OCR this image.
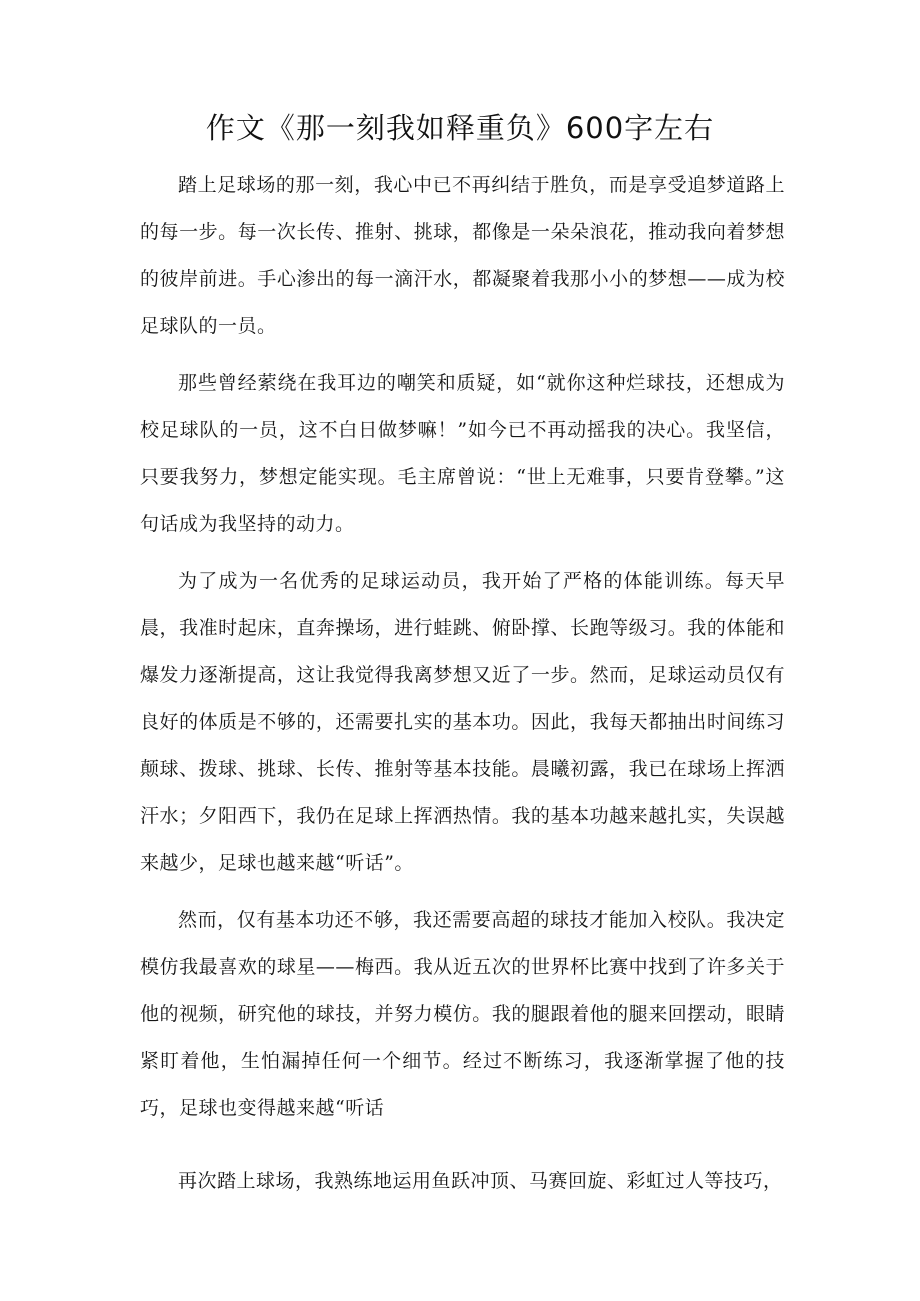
作文《那一刻我如释重负》600字左右

踏上足球场的那一刻，我心中已不再纠结于胜负，而是享受追梦道路上的每一步。每一次长传、推射、挑球，都像是一朵朵浪花，推动我向着梦想的彼岸前进。手心渗出的每一滴汗水，都凝聚着我那小小的梦想——成为校足球队的一员。

那些曾经萦绕在我耳边的嘲笑和质疑，如“就你这种烂球技，还想成为校足球队的一员，这不白日做梦嘛！”如今已不再动摇我的决心。我坚信，只要我努力，梦想定能实现。毛主席曾说：“世上无难事，只要肯登攀。”这句话成为我坚持的动力。

为了成为一名优秀的足球运动员，我开始了严格的体能训练。每天早晨，我准时起床，直奔操场，进行蛙跳、俯卧撑、长跑等级习。我的体能和爆发力逐渐提高，这让我觉得我离梦想又近了一步。然而，足球运动员仅有良好的体质是不够的，还需要扎实的基本功。因此，我每天都抽出时间练习颠球、拨球、挑球、长传、推射等基本技能。晨曦初露，我已在球场上挥洒汗水；夕阳西下，我仍在足球上挥洒热情。我的基本功越来越扎实，失误越来越少，足球也越来越“听话”。

然而，仅有基本功还不够，我还需要高超的球技才能加入校队。我决定模仿我最喜欢的球星——梅西。我从近五次的世界杯比赛中找到了许多关于他的视频，研究他的球技，并努力模仿。我的腿跟着他的腿来回摆动，眼睛紧盯着他，生怕漏掉任何一个细节。经过不断练习，我逐渐掌握了他的技巧，足球也变得越来越“听话

再次踏上球场，我熟练地运用鱼跃冲顶、马赛回旋、彩虹过人等技巧，
